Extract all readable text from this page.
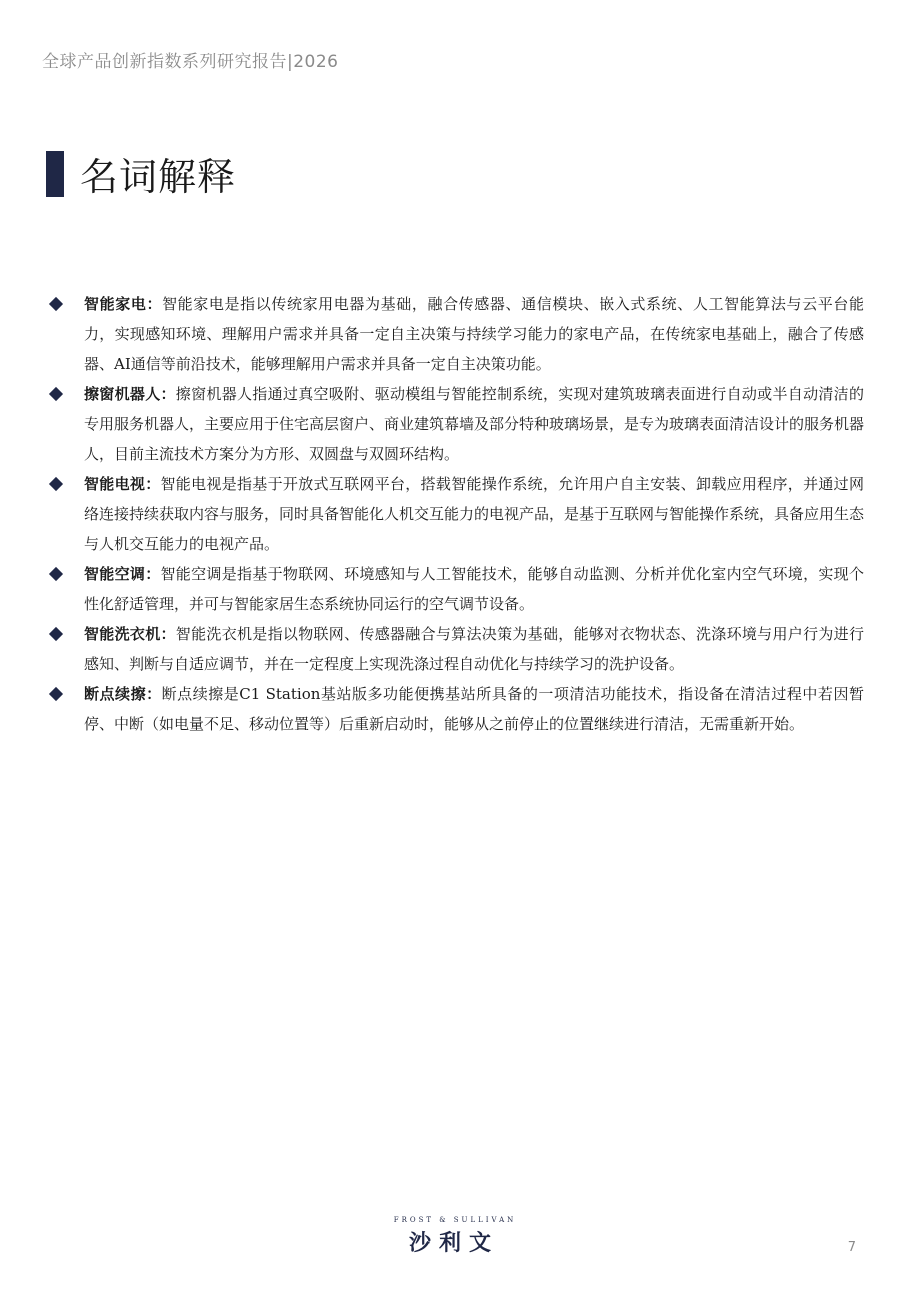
全球产品创新指数系列研究报告|2026
名词解释
智能家电：智能家电是指以传统家用电器为基础，融合传感器、通信模块、嵌入式系统、人工智能算法与云平台能力，实现感知环境、理解用户需求并具备一定自主决策与持续学习能力的家电产品，在传统家电基础上，融合了传感器、AI通信等前沿技术，能够理解用户需求并具备一定自主决策功能。
擦窗机器人：擦窗机器人指通过真空吸附、驱动模组与智能控制系统，实现对建筑玻璃表面进行自动或半自动清洁的专用服务机器人，主要应用于住宅高层窗户、商业建筑幕墙及部分特种玻璃场景，是专为玻璃表面清洁设计的服务机器人，目前主流技术方案分为方形、双圆盘与双圆环结构。
智能电视：智能电视是指基于开放式互联网平台，搭载智能操作系统，允许用户自主安装、卸载应用程序，并通过网络连接持续获取内容与服务，同时具备智能化人机交互能力的电视产品，是基于互联网与智能操作系统，具备应用生态与人机交互能力的电视产品。
智能空调：智能空调是指基于物联网、环境感知与人工智能技术，能够自动监测、分析并优化室内空气环境，实现个性化舒适管理，并可与智能家居生态系统协同运行的空气调节设备。
智能洗衣机：智能洗衣机是指以物联网、传感器融合与算法决策为基础，能够对衣物状态、洗涤环境与用户行为进行感知、判断与自适应调节，并在一定程度上实现洗涤过程自动优化与持续学习的洗护设备。
断点续擦：断点续擦是C1 Station基站版多功能便携基站所具备的一项清洁功能技术，指设备在清洁过程中若因暂停、中断（如电量不足、移动位置等）后重新启动时，能够从之前停止的位置继续进行清洁，无需重新开始。
FROST & SULLIVAN
沙利文	7
